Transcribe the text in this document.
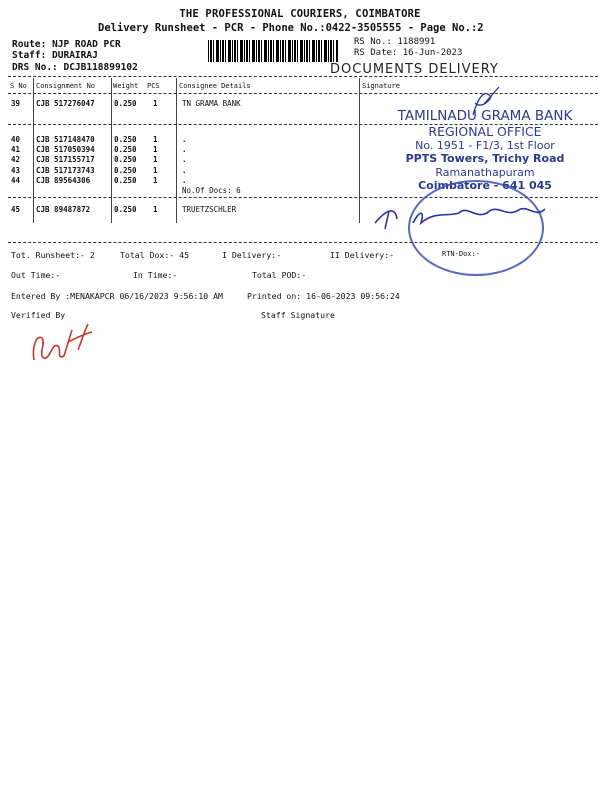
THE PROFESSIONAL COURIERS, COIMBATORE
Delivery Runsheet - PCR - Phone No.:0422-3505555 - Page No.:2
Route: NJP ROAD PCR
Staff: DURAIRAJ
DRS No.: DCJB118899102
RS No.: 1188991
RS Date: 16-Jun-2023
DOCUMENTS DELIVERY
S No Consignment No	Weight PCS	Consignee Details	Signature
39 CJB 517276047	0.250 1	TN GRAMA BANK
40 CJB 517148470	0.250 1	.
41 CJB 517050394	0.250 1	.
42 CJB 517155717	0.250 1	.
43 CJB 517173743	0.250 1	.
44 CJB 89564306	0.250 1	.
No.Of Docs: 6
45 CJB 89487872	0.250 1	TRUETZSCHLER
Tot. Runsheet:- 2	Total Dox:- 45	I Delivery:-	II Delivery:-	RTN-Dox:-
Out Time:-	In Time:-	Total POD:-
Entered By :MENAKAPCR 06/16/2023 9:56:10 AM	Printed on: 16-06-2023 09:56:24
Verified By	Staff Signature
TAMILNADU GRAMA BANK
REGIONAL OFFICE
No. 1951 - F1/3, 1st Floor
PPTS Towers, Trichy Road
Ramanathapuram
Coimbatore - 641 045
